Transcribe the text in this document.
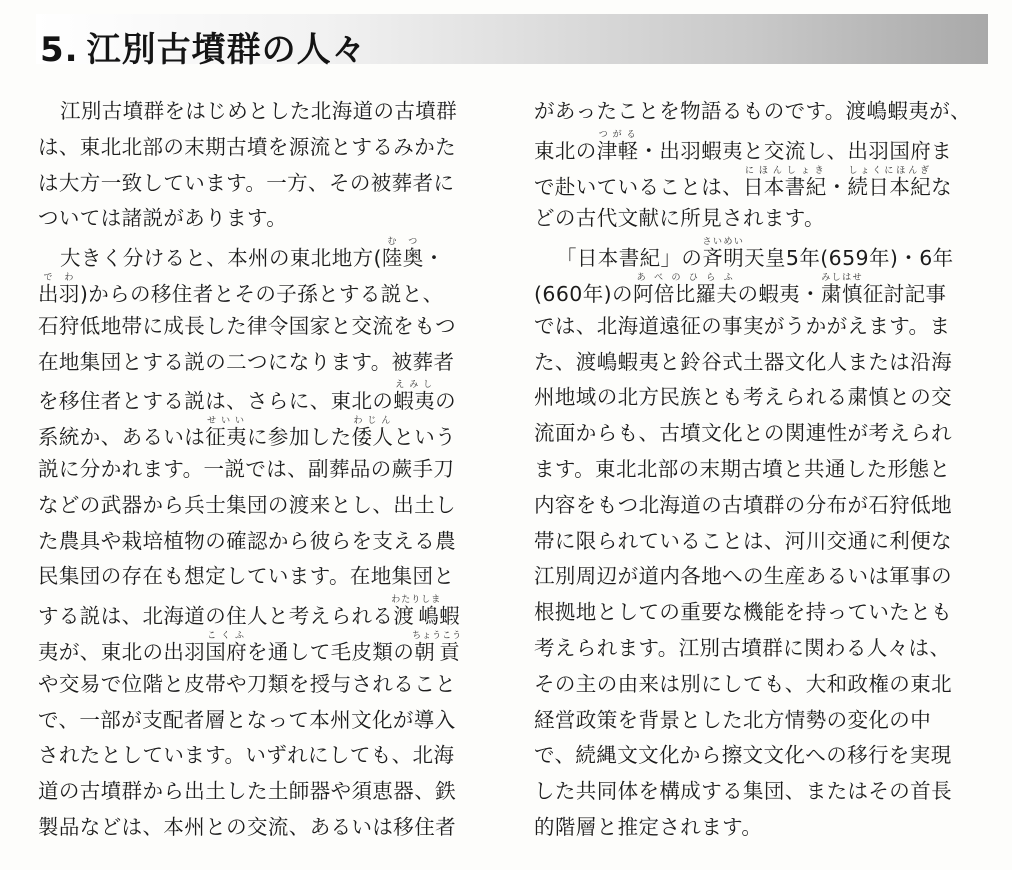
5. 江別古墳群の人々
江別古墳群をはじめとした北海道の古墳群
は、東北北部の末期古墳を源流とするみかた
は大方一致しています。一方、その被葬者に
ついては諸説があります。
大きく分けると、本州の東北地方(陸奥むつ・
出羽でわ)からの移住者とその子孫とする説と、
石狩低地帯に成長した律令国家と交流をもつ
在地集団とする説の二つになります。被葬者
を移住者とする説は、さらに、東北の蝦夷えみしの
系統か、あるいは征夷せいいに参加した倭人わじんという
説に分かれます。一説では、副葬品の蕨手刀
などの武器から兵士集団の渡来とし、出土し
た農具や栽培植物の確認から彼らを支える農
民集団の存在も想定しています。在地集団と
する説は、北海道の住人と考えられる渡嶋わたりしま蝦
夷が、東北の出羽国府こくふを通して毛皮類の朝貢ちょうこう
や交易で位階と皮帯や刀類を授与されること
で、一部が支配者層となって本州文化が導入
されたとしています。いずれにしても、北海
道の古墳群から出土した土師器や須恵器、鉄
製品などは、本州との交流、あるいは移住者
があったことを物語るものです。渡嶋蝦夷が、
東北の津軽つがる・出羽蝦夷と交流し、出羽国府ま
で赴いていることは、日本書紀にほんしょき・続日本紀しょくにほんぎな
どの古代文献に所見されます。
「日本書紀」の斉明さいめい天皇5年(659年)・6年
(660年)の阿倍比羅夫あべのひらふの蝦夷・粛慎みしはせ征討記事
では、北海道遠征の事実がうかがえます。ま
た、渡嶋蝦夷と鈴谷式土器文化人または沿海
州地域の北方民族とも考えられる粛慎との交
流面からも、古墳文化との関連性が考えられ
ます。東北北部の末期古墳と共通した形態と
内容をもつ北海道の古墳群の分布が石狩低地
帯に限られていることは、河川交通に利便な
江別周辺が道内各地への生産あるいは軍事の
根拠地としての重要な機能を持っていたとも
考えられます。江別古墳群に関わる人々は、
その主の由来は別にしても、大和政権の東北
経営政策を背景とした北方情勢の変化の中
で、続縄文文化から擦文文化への移行を実現
した共同体を構成する集団、またはその首長
的階層と推定されます。
